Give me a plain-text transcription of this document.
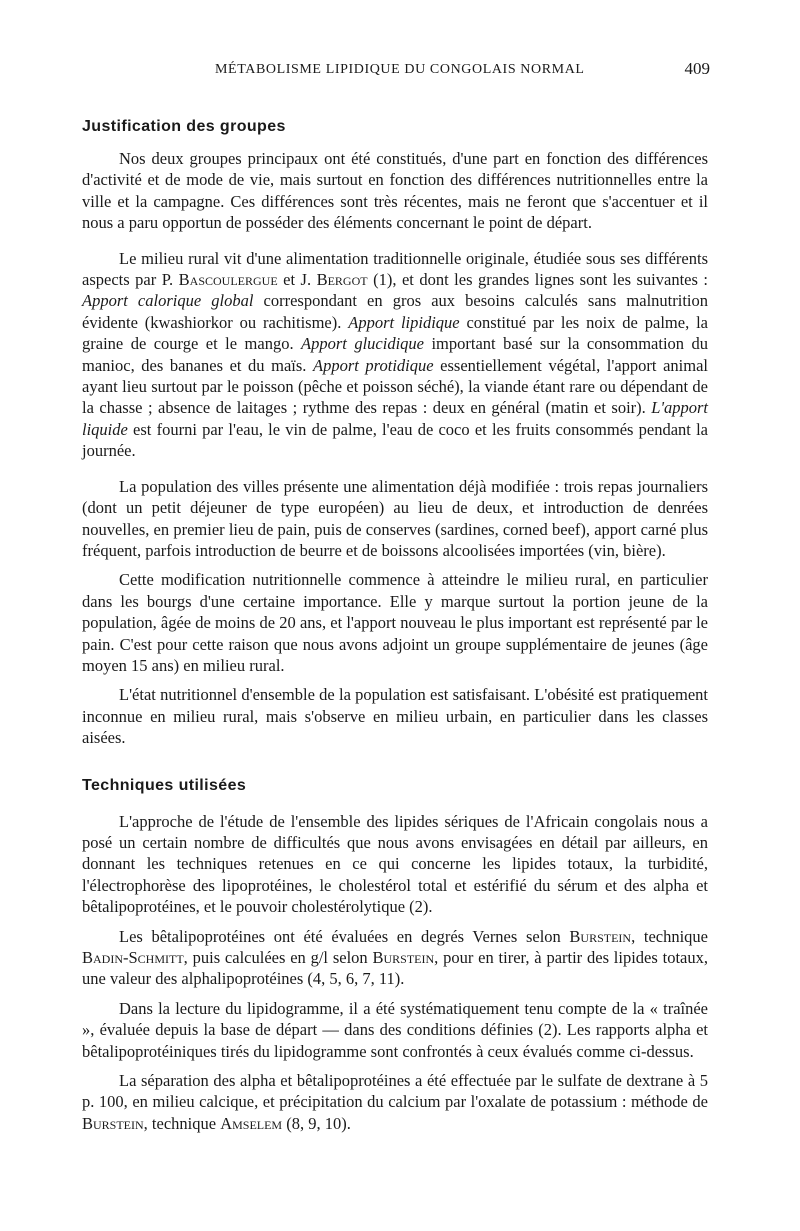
MÉTABOLISME LIPIDIQUE DU CONGOLAIS NORMAL	409
Justification des groupes

Nos deux groupes principaux ont été constitués, d'une part en fonction des différences d'activité et de mode de vie, mais surtout en fonction des différences nutritionnelles entre la ville et la campagne. Ces différences sont très récentes, mais ne feront que s'accentuer et il nous a paru opportun de posséder des éléments concernant le point de départ.

Le milieu rural vit d'une alimentation traditionnelle originale, étudiée sous ses différents aspects par P. Bascoulergue et J. Bergot (1), et dont les grandes lignes sont les suivantes : Apport calorique global correspondant en gros aux besoins calculés sans malnutrition évidente (kwashiorkor ou rachitisme). Apport lipidique constitué par les noix de palme, la graine de courge et le mango. Apport glucidique important basé sur la consommation du manioc, des bananes et du maïs. Apport protidique essentiellement végétal, l'apport animal ayant lieu surtout par le poisson (pêche et poisson séché), la viande étant rare ou dépendant de la chasse ; absence de laitages ; rythme des repas : deux en général (matin et soir). L'apport liquide est fourni par l'eau, le vin de palme, l'eau de coco et les fruits consommés pendant la journée.

La population des villes présente une alimentation déjà modifiée : trois repas journaliers (dont un petit déjeuner de type européen) au lieu de deux, et introduction de denrées nouvelles, en premier lieu de pain, puis de conserves (sardines, corned beef), apport carné plus fréquent, parfois introduction de beurre et de boissons alcoolisées importées (vin, bière).

Cette modification nutritionnelle commence à atteindre le milieu rural, en particulier dans les bourgs d'une certaine importance. Elle y marque surtout la portion jeune de la population, âgée de moins de 20 ans, et l'apport nouveau le plus important est représenté par le pain. C'est pour cette raison que nous avons adjoint un groupe supplémentaire de jeunes (âge moyen 15 ans) en milieu rural.

L'état nutritionnel d'ensemble de la population est satisfaisant. L'obésité est pratiquement inconnue en milieu rural, mais s'observe en milieu urbain, en particulier dans les classes aisées.

Techniques utilisées

L'approche de l'étude de l'ensemble des lipides sériques de l'Africain congolais nous a posé un certain nombre de difficultés que nous avons envisagées en détail par ailleurs, en donnant les techniques retenues en ce qui concerne les lipides totaux, la turbidité, l'électrophorèse des lipoprotéines, le cholestérol total et estérifié du sérum et des alpha et bêtalipoprotéines, et le pouvoir cholestérolytique (2).

Les bêtalipoprotéines ont été évaluées en degrés Vernes selon Burstein, technique Badin-Schmitt, puis calculées en g/l selon Burstein, pour en tirer, à partir des lipides totaux, une valeur des alphalipoprotéines (4, 5, 6, 7, 11).

Dans la lecture du lipidogramme, il a été systématiquement tenu compte de la « traînée », évaluée depuis la base de départ — dans des conditions définies (2). Les rapports alpha et bêtalipoprotéiniques tirés du lipidogramme sont confrontés à ceux évalués comme ci-dessus.

La séparation des alpha et bêtalipoprotéines a été effectuée par le sulfate de dextrane à 5 p. 100, en milieu calcique, et précipitation du calcium par l'oxalate de potassium : méthode de Burstein, technique Amselem (8, 9, 10).
